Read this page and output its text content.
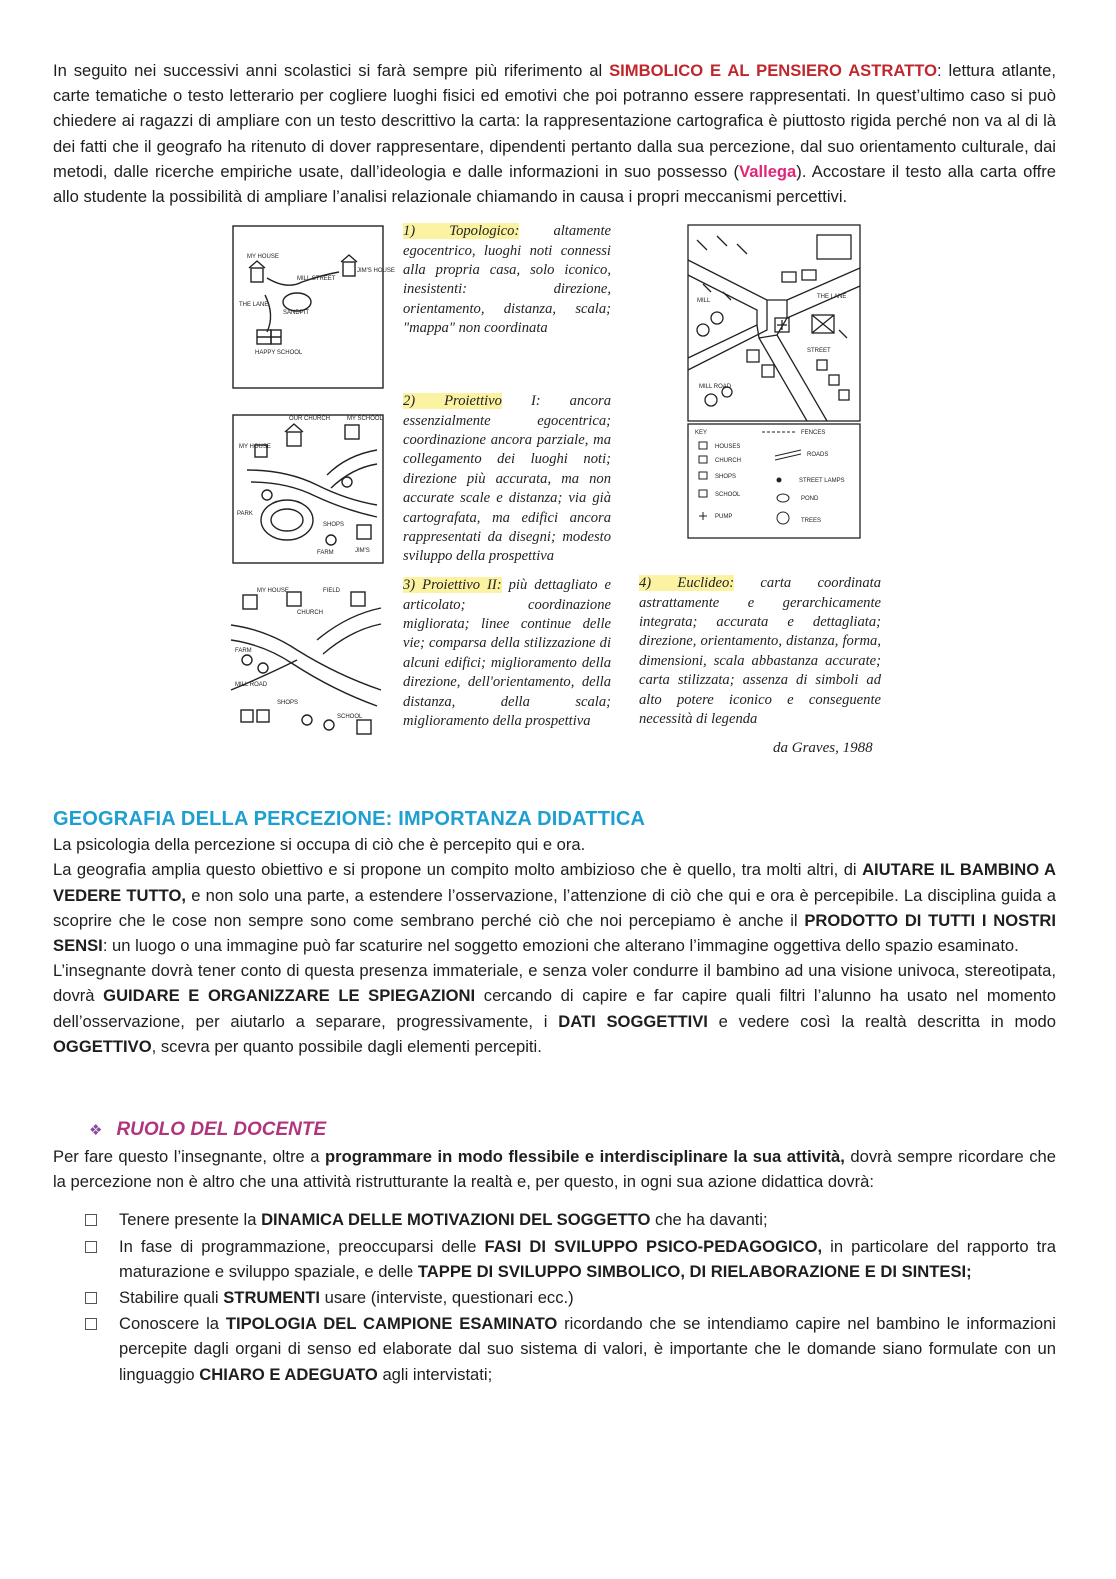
In seguito nei successivi anni scolastici si farà sempre più riferimento al SIMBOLICO E AL PENSIERO ASTRATTO: lettura atlante, carte tematiche o testo letterario per cogliere luoghi fisici ed emotivi che poi potranno essere rappresentati. In quest’ultimo caso si può chiedere ai ragazzi di ampliare con un testo descrittivo la carta: la rappresentazione cartografica è piuttosto rigida perché non va al di là dei fatti che il geografo ha ritenuto di dover rappresentare, dipendenti pertanto dalla sua percezione, dal suo orientamento culturale, dai metodi, dalle ricerche empiriche usate, dall’ideologia e dalle informazioni in suo possesso (Vallega). Accostare il testo alla carta offre allo studente la possibilità di ampliare l’analisi relazionale chiamando in causa i propri meccanismi percettivi.

MY HOUSE
MILL STREET
JIM'S HOUSE
THE LANE
SANDPIT
HAPPY SCHOOL
MY HOUSE
OUR CHURCH	MY SCHOOL
PARK
SHOPS
JIM'S
FARM
MY HOUSE	FIELD
CHURCH
FARM
MILL ROAD
SHOPS
SCHOOL
MILL
THE LANE
MILL ROAD
STREET
KEY
HOUSES
CHURCH
SHOPS
SCHOOL
PUMP
FENCES
ROADS
STREET LAMPS
POND
TREES
1) Topologico: altamente egocentrico, luoghi noti connessi alla propria casa, solo iconico, inesistenti: direzione, orientamento, distanza, scala; "mappa" non coordinata
2) Proiettivo I: ancora essenzialmente egocentrica; coordinazione ancora parziale, ma collegamento dei luoghi noti; direzione più accurata, ma non accurate scale e distanza; via già cartografata, ma edifici ancora rappresentati da disegni; modesto sviluppo della prospettiva
3) Proiettivo II: più dettagliato e articolato; coordinazione migliorata; linee continue delle vie; comparsa della stilizzazione di alcuni edifici; miglioramento della direzione, dell'orientamento, della distanza, della scala; miglioramento della prospettiva
4) Euclideo: carta coordinata astrattamente e gerarchicamente integrata; accurata e dettagliata; direzione, orientamento, distanza, forma, dimensioni, scala abbastanza accurate; carta stilizzata; assenza di simboli ad alto potere iconico e conseguente necessità di legenda
da Graves, 1988
GEOGRAFIA DELLA PERCEZIONE: IMPORTANZA DIDATTICA

La psicologia della percezione si occupa di ciò che è percepito qui e ora.

La geografia amplia questo obiettivo e si propone un compito molto ambizioso che è quello, tra molti altri, di AIUTARE IL BAMBINO A VEDERE TUTTO, e non solo una parte, a estendere l’osservazione, l’attenzione di ciò che qui e ora è percepibile. La disciplina guida a scoprire che le cose non sempre sono come sembrano perché ciò che noi percepiamo è anche il PRODOTTO DI TUTTI I NOSTRI SENSI: un luogo o una immagine può far scaturire nel soggetto emozioni che alterano l’immagine oggettiva dello spazio esaminato.

L’insegnante dovrà tener conto di questa presenza immateriale, e senza voler condurre il bambino ad una visione univoca, stereotipata, dovrà GUIDARE E ORGANIZZARE LE SPIEGAZIONI cercando di capire e far capire quali filtri l’alunno ha usato nel momento dell’osservazione, per aiutarlo a separare, progressivamente, i DATI SOGGETTIVI e vedere così la realtà descritta in modo OGGETTIVO, scevra per quanto possibile dagli elementi percepiti.

❖ RUOLO DEL DOCENTE

Per fare questo l’insegnante, oltre a programmare in modo flessibile e interdisciplinare la sua attività, dovrà sempre ricordare che la percezione non è altro che una attività ristrutturante la realtà e, per questo, in ogni sua azione didattica dovrà:

Tenere presente la DINAMICA DELLE MOTIVAZIONI DEL SOGGETTO che ha davanti;
In fase di programmazione, preoccuparsi delle FASI DI SVILUPPO PSICO-PEDAGOGICO, in particolare del rapporto tra maturazione e sviluppo spaziale, e delle TAPPE DI SVILUPPO SIMBOLICO, DI RIELABORAZIONE E DI SINTESI;
Stabilire quali STRUMENTI usare (interviste, questionari ecc.)
Conoscere la TIPOLOGIA DEL CAMPIONE ESAMINATO ricordando che se intendiamo capire nel bambino le informazioni percepite dagli organi di senso ed elaborate dal suo sistema di valori, è importante che le domande siano formulate con un linguaggio CHIARO E ADEGUATO agli intervistati;
